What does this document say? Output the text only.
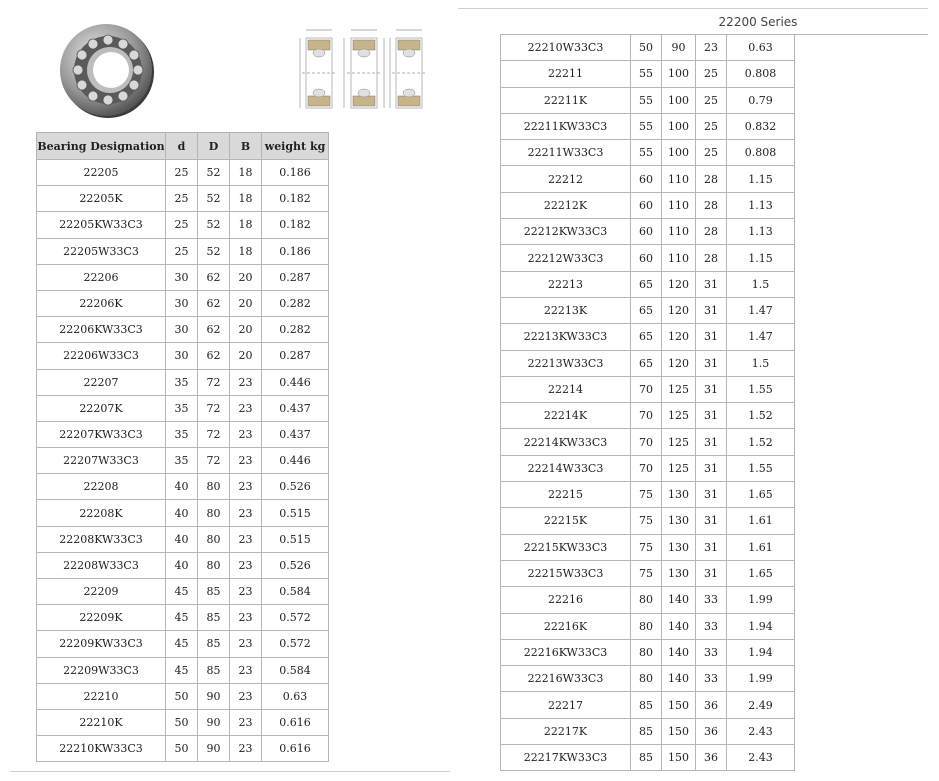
22200 Series
Bearing Designation	d	D	B	weight kg
22205	25	52	18	0.186
22205K	25	52	18	0.182
22205KW33C3	25	52	18	0.182
22205W33C3	25	52	18	0.186
22206	30	62	20	0.287
22206K	30	62	20	0.282
22206KW33C3	30	62	20	0.282
22206W33C3	30	62	20	0.287
22207	35	72	23	0.446
22207K	35	72	23	0.437
22207KW33C3	35	72	23	0.437
22207W33C3	35	72	23	0.446
22208	40	80	23	0.526
22208K	40	80	23	0.515
22208KW33C3	40	80	23	0.515
22208W33C3	40	80	23	0.526
22209	45	85	23	0.584
22209K	45	85	23	0.572
22209KW33C3	45	85	23	0.572
22209W33C3	45	85	23	0.584
22210	50	90	23	0.63
22210K	50	90	23	0.616
22210KW33C3	50	90	23	0.616
22210W33C3	50	90	23	0.63
22211	55	100	25	0.808
22211K	55	100	25	0.79
22211KW33C3	55	100	25	0.832
22211W33C3	55	100	25	0.808
22212	60	110	28	1.15
22212K	60	110	28	1.13
22212KW33C3	60	110	28	1.13
22212W33C3	60	110	28	1.15
22213	65	120	31	1.5
22213K	65	120	31	1.47
22213KW33C3	65	120	31	1.47
22213W33C3	65	120	31	1.5
22214	70	125	31	1.55
22214K	70	125	31	1.52
22214KW33C3	70	125	31	1.52
22214W33C3	70	125	31	1.55
22215	75	130	31	1.65
22215K	75	130	31	1.61
22215KW33C3	75	130	31	1.61
22215W33C3	75	130	31	1.65
22216	80	140	33	1.99
22216K	80	140	33	1.94
22216KW33C3	80	140	33	1.94
22216W33C3	80	140	33	1.99
22217	85	150	36	2.49
22217K	85	150	36	2.43
22217KW33C3	85	150	36	2.43
